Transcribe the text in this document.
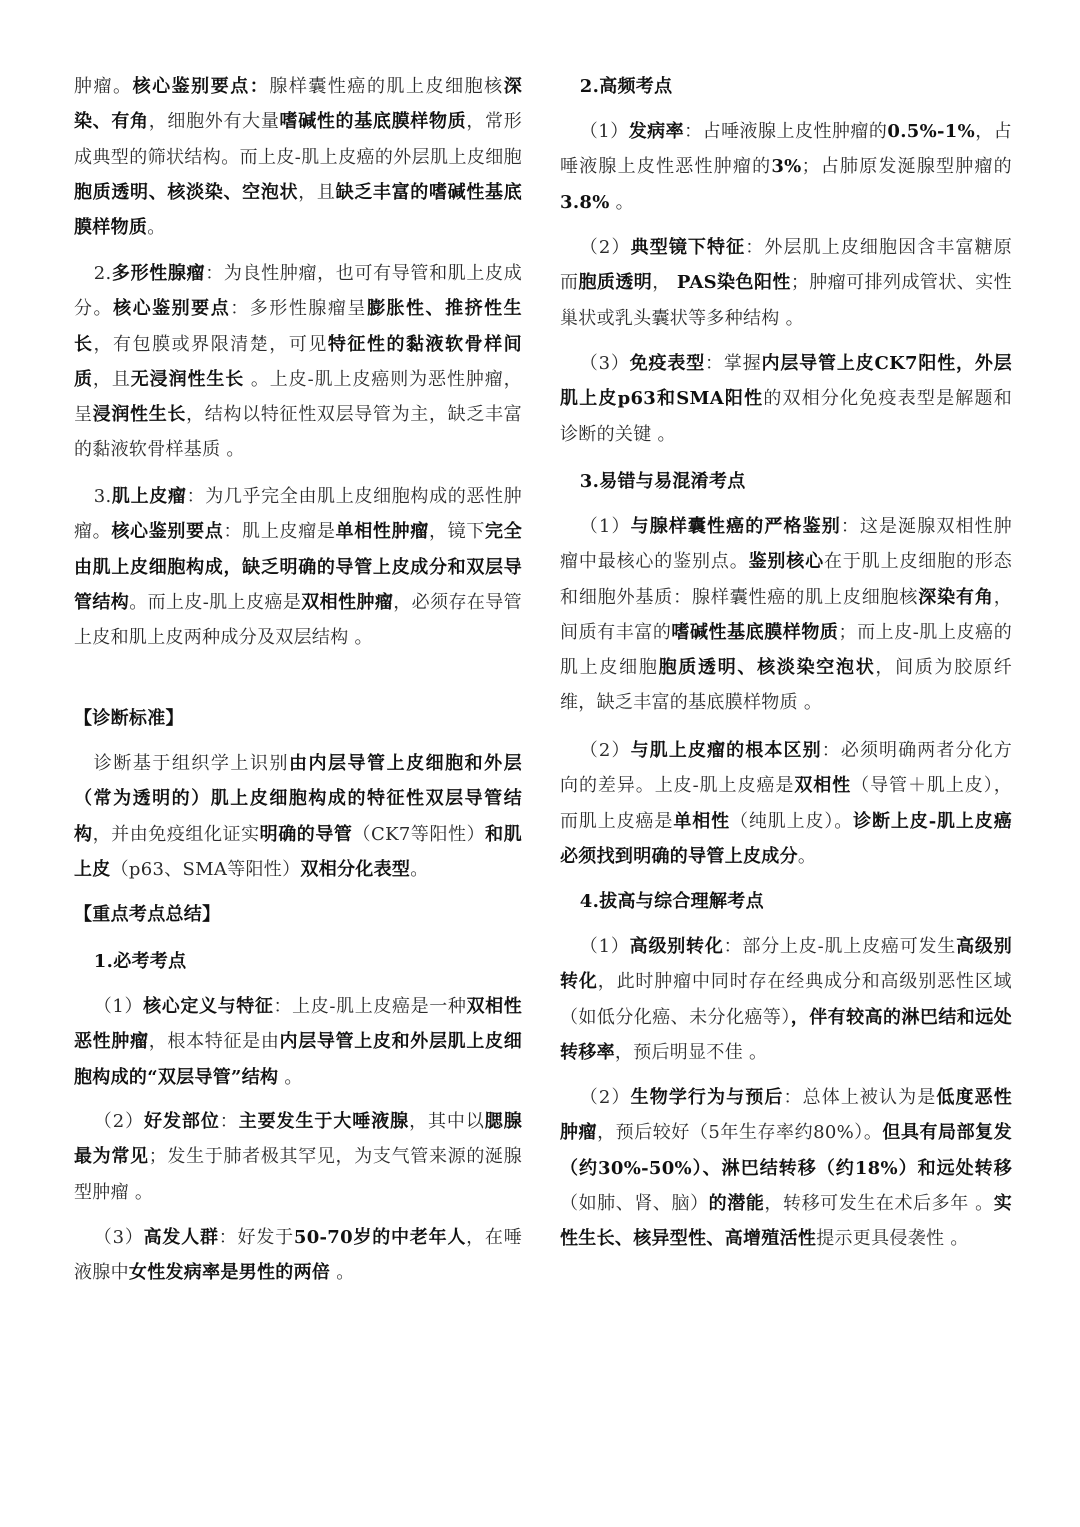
肿瘤。核心鉴别要点：腺样囊性癌的肌上皮细胞核深染、有角，细胞外有大量嗜碱性的基底膜样物质，常形成典型的筛状结构。而上皮-肌上皮癌的外层肌上皮细胞胞质透明、核淡染、空泡状，且缺乏丰富的嗜碱性基底膜样物质。

2.多形性腺瘤：为良性肿瘤，也可有导管和肌上皮成分。核心鉴别要点：多形性腺瘤呈膨胀性、推挤性生长，有包膜或界限清楚，可见特征性的黏液软骨样间质，且无浸润性生长 。上皮-肌上皮癌则为恶性肿瘤，呈浸润性生长，结构以特征性双层导管为主，缺乏丰富的黏液软骨样基质 。

3.肌上皮瘤：为几乎完全由肌上皮细胞构成的恶性肿瘤。核心鉴别要点：肌上皮瘤是单相性肿瘤，镜下完全由肌上皮细胞构成，缺乏明确的导管上皮成分和双层导管结构。而上皮-肌上皮癌是双相性肿瘤，必须存在导管上皮和肌上皮两种成分及双层结构 。

【诊断标准】

诊断基于组织学上识别由内层导管上皮细胞和外层（常为透明的）肌上皮细胞构成的特征性双层导管结构，并由免疫组化证实明确的导管（CK7等阳性）和肌上皮（p63、SMA等阳性）双相分化表型。

【重点考点总结】

1.必考考点

（1）核心定义与特征：上皮-肌上皮癌是一种双相性恶性肿瘤，根本特征是由内层导管上皮和外层肌上皮细胞构成的“双层导管”结构 。

（2）好发部位：主要发生于大唾液腺，其中以腮腺最为常见；发生于肺者极其罕见，为支气管来源的涎腺型肿瘤 。

（3）高发人群：好发于50-70岁的中老年人，在唾液腺中女性发病率是男性的两倍 。

2.高频考点

（1）发病率：占唾液腺上皮性肿瘤的0.5%-1%，占唾液腺上皮性恶性肿瘤的3%；占肺原发涎腺型肿瘤的3.8% 。

（2）典型镜下特征：外层肌上皮细胞因含丰富糖原而胞质透明， PAS染色阳性；肿瘤可排列成管状、实性巢状或乳头囊状等多种结构 。

（3）免疫表型：掌握内层导管上皮CK7阳性，外层肌上皮p63和SMA阳性的双相分化免疫表型是解题和诊断的关键 。

3.易错与易混淆考点

（1）与腺样囊性癌的严格鉴别：这是涎腺双相性肿瘤中最核心的鉴别点。鉴别核心在于肌上皮细胞的形态和细胞外基质：腺样囊性癌的肌上皮细胞核深染有角，间质有丰富的嗜碱性基底膜样物质；而上皮-肌上皮癌的肌上皮细胞胞质透明、核淡染空泡状，间质为胶原纤维，缺乏丰富的基底膜样物质 。

（2）与肌上皮瘤的根本区别：必须明确两者分化方向的差异。上皮-肌上皮癌是双相性（导管＋肌上皮），而肌上皮癌是单相性（纯肌上皮）。诊断上皮-肌上皮癌必须找到明确的导管上皮成分。

4.拔高与综合理解考点

（1）高级别转化：部分上皮-肌上皮癌可发生高级别转化，此时肿瘤中同时存在经典成分和高级别恶性区域（如低分化癌、未分化癌等），伴有较高的淋巴结和远处转移率，预后明显不佳 。

（2）生物学行为与预后：总体上被认为是低度恶性肿瘤，预后较好（5年生存率约80%）。但具有局部复发（约30%-50%）、淋巴结转移（约18%）和远处转移（如肺、肾、脑）的潜能，转移可发生在术后多年 。实性生长、核异型性、高增殖活性提示更具侵袭性 。
